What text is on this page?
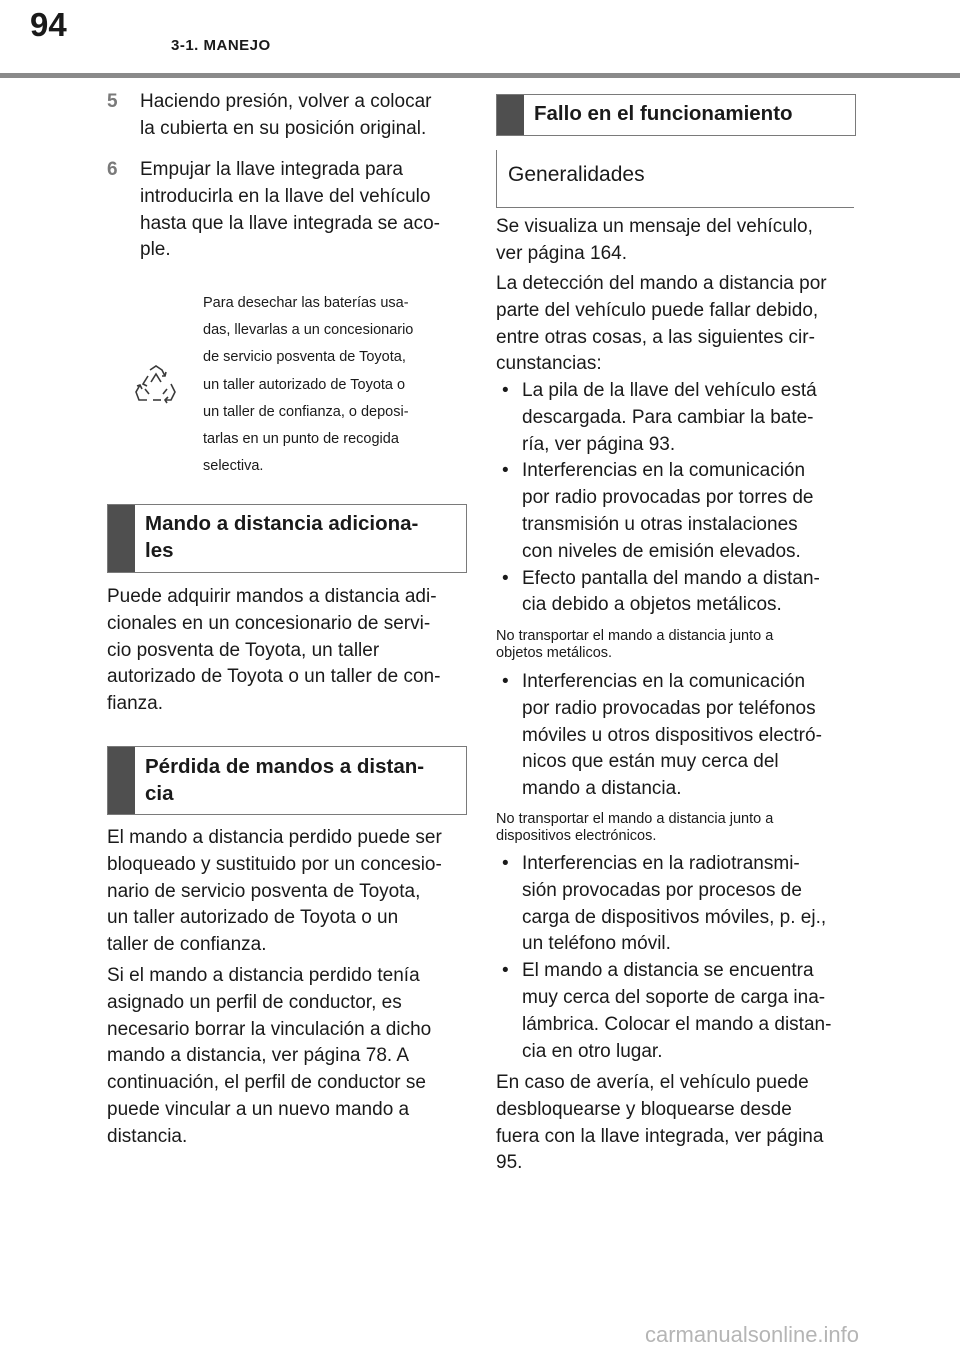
94
3-1. MANEJO
5	Haciendo presión, volver a colocar
la cubierta en su posición original.
6	Empujar la llave integrada para
introducirla en la llave del vehículo
hasta que la llave integrada se aco-
ple.
Para desechar las baterías usa-
das, llevarlas a un concesionario
de servicio posventa de Toyota,
un taller autorizado de Toyota o
un taller de confianza, o deposi-
tarlas en un punto de recogida
selectiva.
Mando a distancia adiciona-
les
Puede adquirir mandos a distancia adi-
cionales en un concesionario de servi-
cio posventa de Toyota, un taller
autorizado de Toyota o un taller de con-
fianza.
Pérdida de mandos a distan-
cia
El mando a distancia perdido puede ser
bloqueado y sustituido por un concesio-
nario de servicio posventa de Toyota,
un taller autorizado de Toyota o un
taller de confianza.
Si el mando a distancia perdido tenía
asignado un perfil de conductor, es
necesario borrar la vinculación a dicho
mando a distancia, ver página 78. A
continuación, el perfil de conductor se
puede vincular a un nuevo mando a
distancia.
Fallo en el funcionamiento
Generalidades
Se visualiza un mensaje del vehículo,
ver página 164.
La detección del mando a distancia por
parte del vehículo puede fallar debido,
entre otras cosas, a las siguientes cir-
cunstancias:
• La pila de la llave del vehículo está
descargada. Para cambiar la bate-
ría, ver página 93.
• Interferencias en la comunicación
por radio provocadas por torres de
transmisión u otras instalaciones
con niveles de emisión elevados.
• Efecto pantalla del mando a distan-
cia debido a objetos metálicos.
No transportar el mando a distancia junto a
objetos metálicos.
• Interferencias en la comunicación
por radio provocadas por teléfonos
móviles u otros dispositivos electró-
nicos que están muy cerca del
mando a distancia.
No transportar el mando a distancia junto a
dispositivos electrónicos.
• Interferencias en la radiotransmi-
sión provocadas por procesos de
carga de dispositivos móviles, p. ej.,
un teléfono móvil.
• El mando a distancia se encuentra
muy cerca del soporte de carga ina-
lámbrica. Colocar el mando a distan-
cia en otro lugar.
En caso de avería, el vehículo puede
desbloquearse y bloquearse desde
fuera con la llave integrada, ver página
95.
carmanualsonline.info
